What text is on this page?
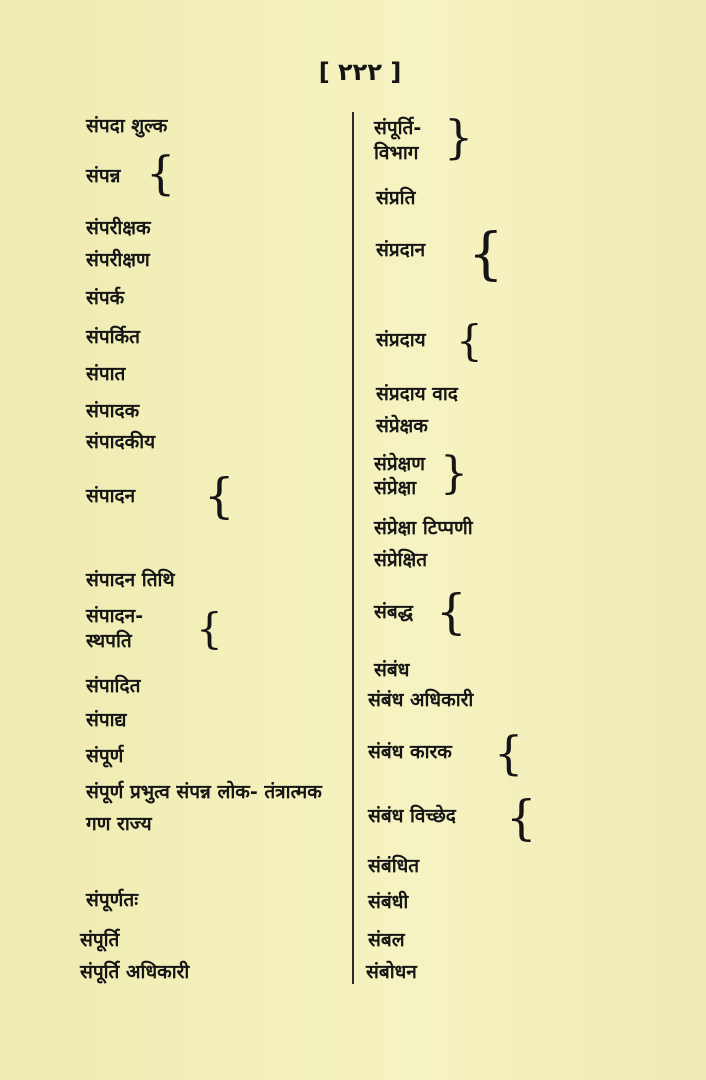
[ ٢٢٢ ]
संपदा शुल्क
संपन्न {
संपरीक्षक
संपरीक्षण
संपर्क
संपर्कित
संपात
संपादक
संपादकीय
संपादन {
संपादन तिथि
संपादन- स्थपति	{
संपादित
संपाद्य
संपूर्ण
संपूर्ण प्रभुत्व संपन्न लोक- तंत्रात्मक गण राज्य
संपूर्णतः
संपूर्ति
संपूर्ति अधिकारी
संपूर्ति- विभाग {
संप्रति
संप्रदान {
संप्रदाय {
संप्रदाय वाद
संप्रेक्षक
संप्रेक्षण संप्रेक्षा {
संप्रेक्षा टिप्पणी
संप्रेक्षित
संबद्ध {
संबंध
संबंध अधिकारी
संबंध कारक {
संबंध विच्छेद {
संबंधित
संबंधी
संबल
संबोधन
